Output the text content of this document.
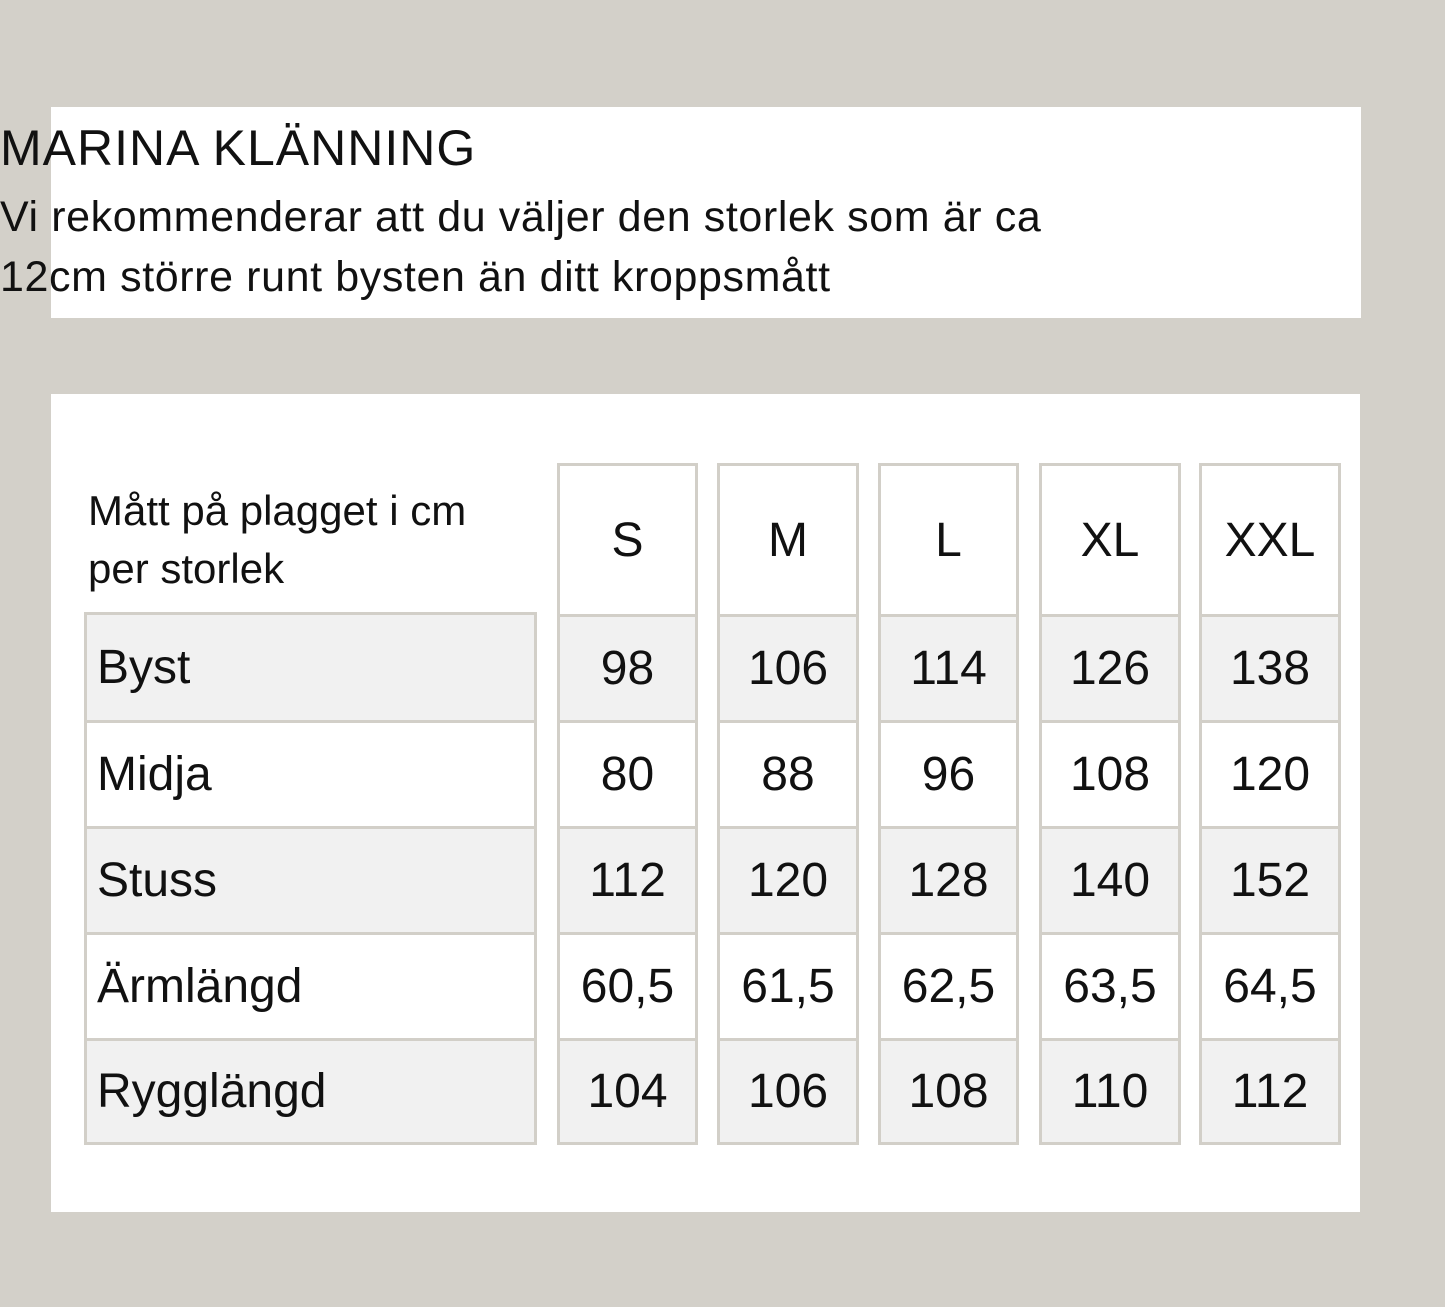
MARINA KLÄNNING
Vi rekommenderar att du väljer den storlek som är ca
12cm större runt bysten än ditt kroppsmått
Mått på plagget i cm per storlek
Byst
Midja
Stuss
Ärmlängd
Rygglängd
S
98
80
112
60,5
104
M
106
88
120
61,5
106
L
114
96
128
62,5
108
XL
126
108
140
63,5
110
XXL
138
120
152
64,5
112
